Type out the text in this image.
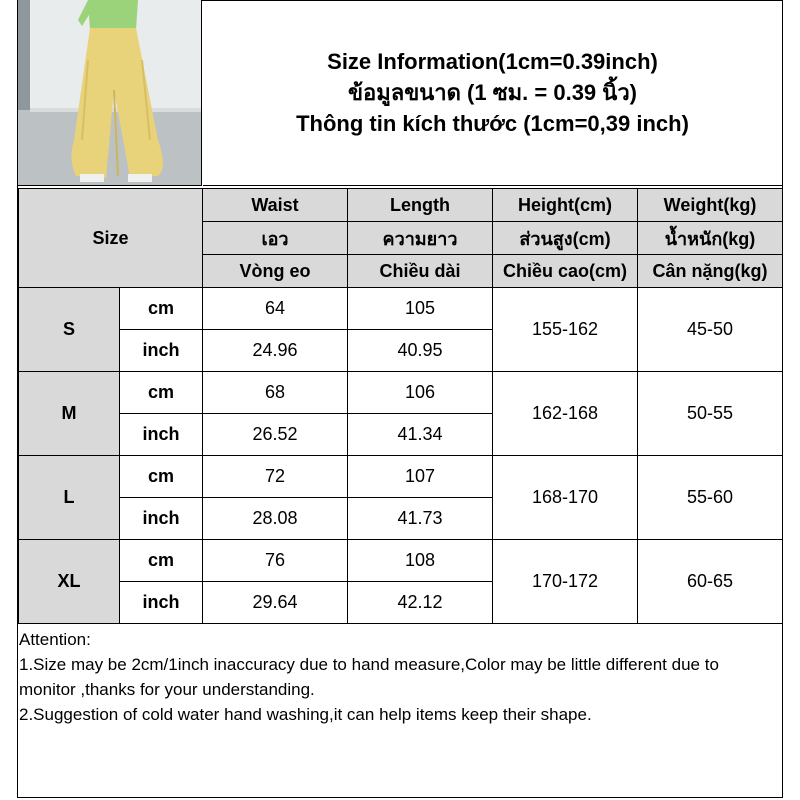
Size Information(1cm=0.39inch)
ข้อมูลขนาด (1 ซม. = 0.39 นิ้ว)
Thông tin kích thước (1cm=0,39 inch)
Size		Waist	Length	Height(cm)	Weight(kg)
		เอว	ความยาว	ส่วนสูง(cm)	น้ำหนัก(kg)
		Vòng eo	Chiều dài	Chiều cao(cm)	Cân nặng(kg)
S	cm	64	105	155-162	45-50
	inch	24.96	40.95		
M	cm	68	106	162-168	50-55
	inch	26.52	41.34		
L	cm	72	107	168-170	55-60
	inch	28.08	41.73		
XL	cm	76	108	170-172	60-65
	inch	29.64	42.12		
Attention:
1.Size may be 2cm/1inch inaccuracy due to hand measure,Color may be little different due to monitor ,thanks for your understanding.
2.Suggestion of cold water hand washing,it can help items keep their shape.
